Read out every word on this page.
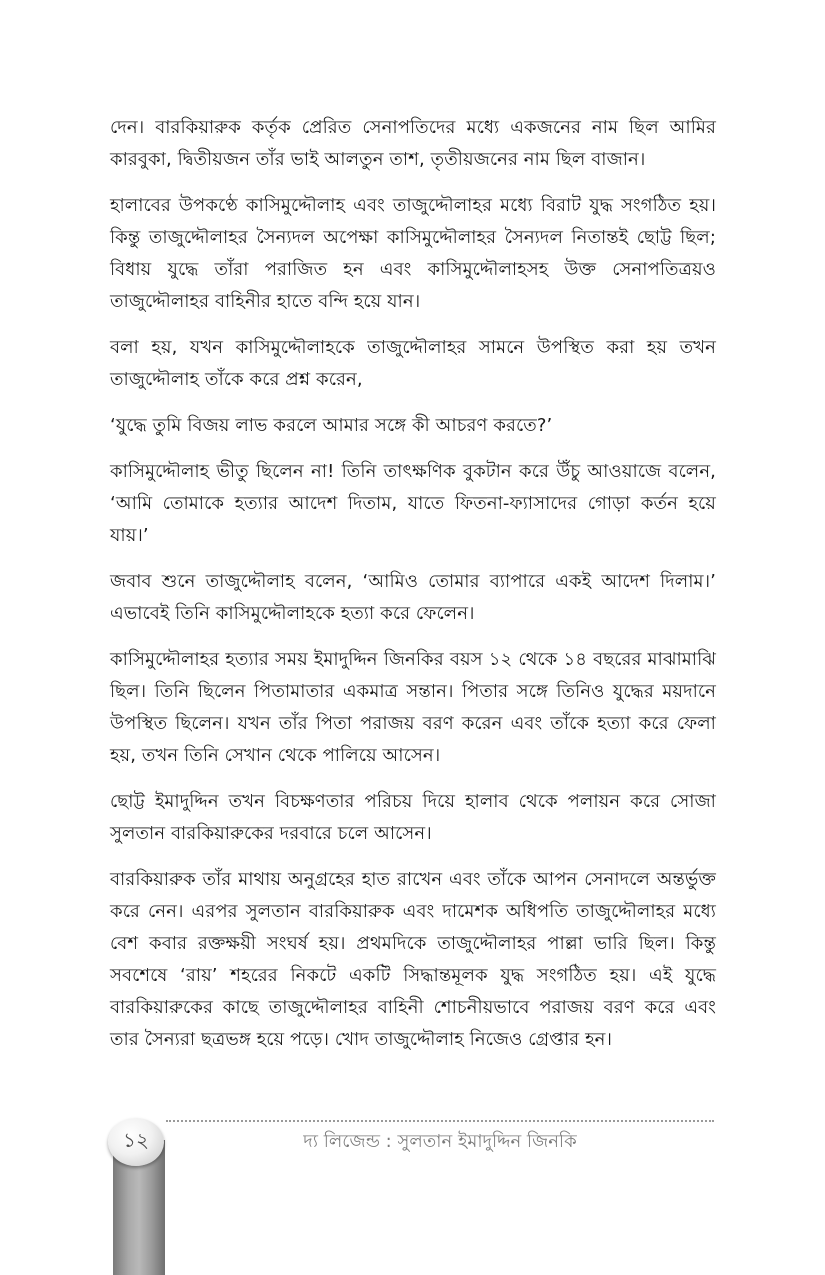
দেন। বারকিয়ারুক কর্তৃক প্রেরিত সেনাপতিদের মধ্যে একজনের নাম ছিল আমির কারবুকা, দ্বিতীয়জন তাঁর ভাই আলতুন তাশ, তৃতীয়জনের নাম ছিল বাজান।

হালাবের উপকণ্ঠে কাসিমুদ্দৌলাহ এবং তাজুদ্দৌলাহর মধ্যে বিরাট যুদ্ধ সংগঠিত হয়। কিন্তু তাজুদ্দৌলাহর সৈন্যদল অপেক্ষা কাসিমুদ্দৌলাহর সৈন্যদল নিতান্তই ছোট্ট ছিল; বিধায় যুদ্ধে তাঁরা পরাজিত হন এবং কাসিমুদ্দৌলাহসহ উক্ত সেনাপতিত্রয়ও তাজুদ্দৌলাহর বাহিনীর হাতে বন্দি হয়ে যান।

বলা হয়, যখন কাসিমুদ্দৌলাহকে তাজুদ্দৌলাহর সামনে উপস্থিত করা হয় তখন তাজুদ্দৌলাহ তাঁকে করে প্রশ্ন করেন,

‘যুদ্ধে তুমি বিজয় লাভ করলে আমার সঙ্গে কী আচরণ করতে?’

কাসিমুদ্দৌলাহ ভীতু ছিলেন না! তিনি তাৎক্ষণিক বুকটান করে উঁচু আওয়াজে বলেন, ‘আমি তোমাকে হত্যার আদেশ দিতাম, যাতে ফিতনা-ফ্যাসাদের গোড়া কর্তন হয়ে যায়।’

জবাব শুনে তাজুদ্দৌলাহ বলেন, ‘আমিও তোমার ব্যাপারে একই আদেশ দিলাম।’ এভাবেই তিনি কাসিমুদ্দৌলাহকে হত্যা করে ফেলেন।

কাসিমুদ্দৌলাহর হত্যার সময় ইমাদুদ্দিন জিনকির বয়স ১২ থেকে ১৪ বছরের মাঝামাঝি ছিল। তিনি ছিলেন পিতামাতার একমাত্র সন্তান। পিতার সঙ্গে তিনিও যুদ্ধের ময়দানে উপস্থিত ছিলেন। যখন তাঁর পিতা পরাজয় বরণ করেন এবং তাঁকে হত্যা করে ফেলা হয়, তখন তিনি সেখান থেকে পালিয়ে আসেন।

ছোট্ট ইমাদুদ্দিন তখন বিচক্ষণতার পরিচয় দিয়ে হালাব থেকে পলায়ন করে সোজা সুলতান বারকিয়ারুকের দরবারে চলে আসেন।

বারকিয়ারুক তাঁর মাথায় অনুগ্রহের হাত রাখেন এবং তাঁকে আপন সেনাদলে অন্তর্ভুক্ত করে নেন। এরপর সুলতান বারকিয়ারুক এবং দামেশক অধিপতি তাজুদ্দৌলাহর মধ্যে বেশ কবার রক্তক্ষয়ী সংঘর্ষ হয়। প্রথমদিকে তাজুদ্দৌলাহর পাল্লা ভারি ছিল। কিন্তু সবশেষে ‘রায়’ শহরের নিকটে একটি সিদ্ধান্তমূলক যুদ্ধ সংগঠিত হয়। এই যুদ্ধে বারকিয়ারুকের কাছে তাজুদ্দৌলাহর বাহিনী শোচনীয়ভাবে পরাজয় বরণ করে এবং তার সৈন্যরা ছত্রভঙ্গ হয়ে পড়ে। খোদ তাজুদ্দৌলাহ নিজেও গ্রেপ্তার হন।

১২	দ্য লিজেন্ড : সুলতান ইমাদুদ্দিন জিনকি
